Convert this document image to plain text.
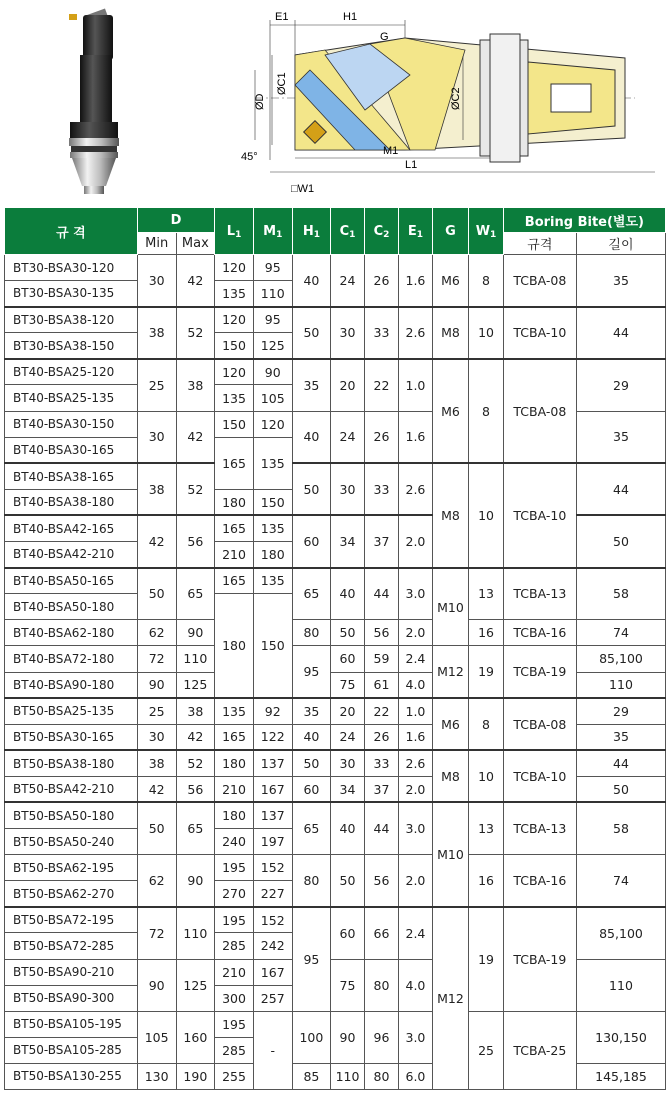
E1	H1
G
ØC1
ØD	ØC2
M1
L1
45°
□W1
규 격	D		$L_1$	$M_1$	$H_1$	$C_1$	$C_2$	$E_1$	G	$W_1$	Boring Bite(별도)	
	Min	Max									규격	길이
BT30-BSA30-120	30	42	120	95	40	24	26	1.6	M6	8	TCBA-08	35
BT30-BSA30-135			135	110								
BT30-BSA38-120	38	52	120	95	50	30	33	2.6	M8	10	TCBA-10	44
BT30-BSA38-150			150	125								
BT40-BSA25-120	25	38	120	90	35	20	22	1.0	M6	8	TCBA-08	29
BT40-BSA25-135			135	105								
BT40-BSA30-150	30	42	150	120	40	24	26	1.6				35
BT40-BSA30-165			165	135								
BT40-BSA38-165	38	52			50	30	33	2.6	M8	10	TCBA-10	44
BT40-BSA38-180			180	150								
BT40-BSA42-165	42	56	165	135	60	34	37	2.0				50
BT40-BSA42-210			210	180								
BT40-BSA50-165	50	65	165	135	65	40	44	3.0	M10	13	TCBA-13	58
BT40-BSA50-180			180	150								
BT40-BSA62-180	62	90			80	50	56	2.0		16	TCBA-16	74
BT40-BSA72-180	72	110			95	60	59	2.4	M12	19	TCBA-19	85,100
BT40-BSA90-180	90	125				75	61	4.0				110
BT50-BSA25-135	25	38	135	92	35	20	22	1.0	M6	8	TCBA-08	29
BT50-BSA30-165	30	42	165	122	40	24	26	1.6				35
BT50-BSA38-180	38	52	180	137	50	30	33	2.6	M8	10	TCBA-10	44
BT50-BSA42-210	42	56	210	167	60	34	37	2.0				50
BT50-BSA50-180	50	65	180	137	65	40	44	3.0	M10	13	TCBA-13	58
BT50-BSA50-240			240	197								
BT50-BSA62-195	62	90	195	152	80	50	56	2.0		16	TCBA-16	74
BT50-BSA62-270			270	227								
BT50-BSA72-195	72	110	195	152	95	60	66	2.4	M12	19	TCBA-19	85,100
BT50-BSA72-285			285	242								
BT50-BSA90-210	90	125	210	167		75	80	4.0				110
BT50-BSA90-300			300	257								
BT50-BSA105-195	105	160	195	-	100	90	96	3.0		25	TCBA-25	130,150
BT50-BSA105-285			285									
BT50-BSA130-255	130	190	255		85	110	80	6.0				145,185
